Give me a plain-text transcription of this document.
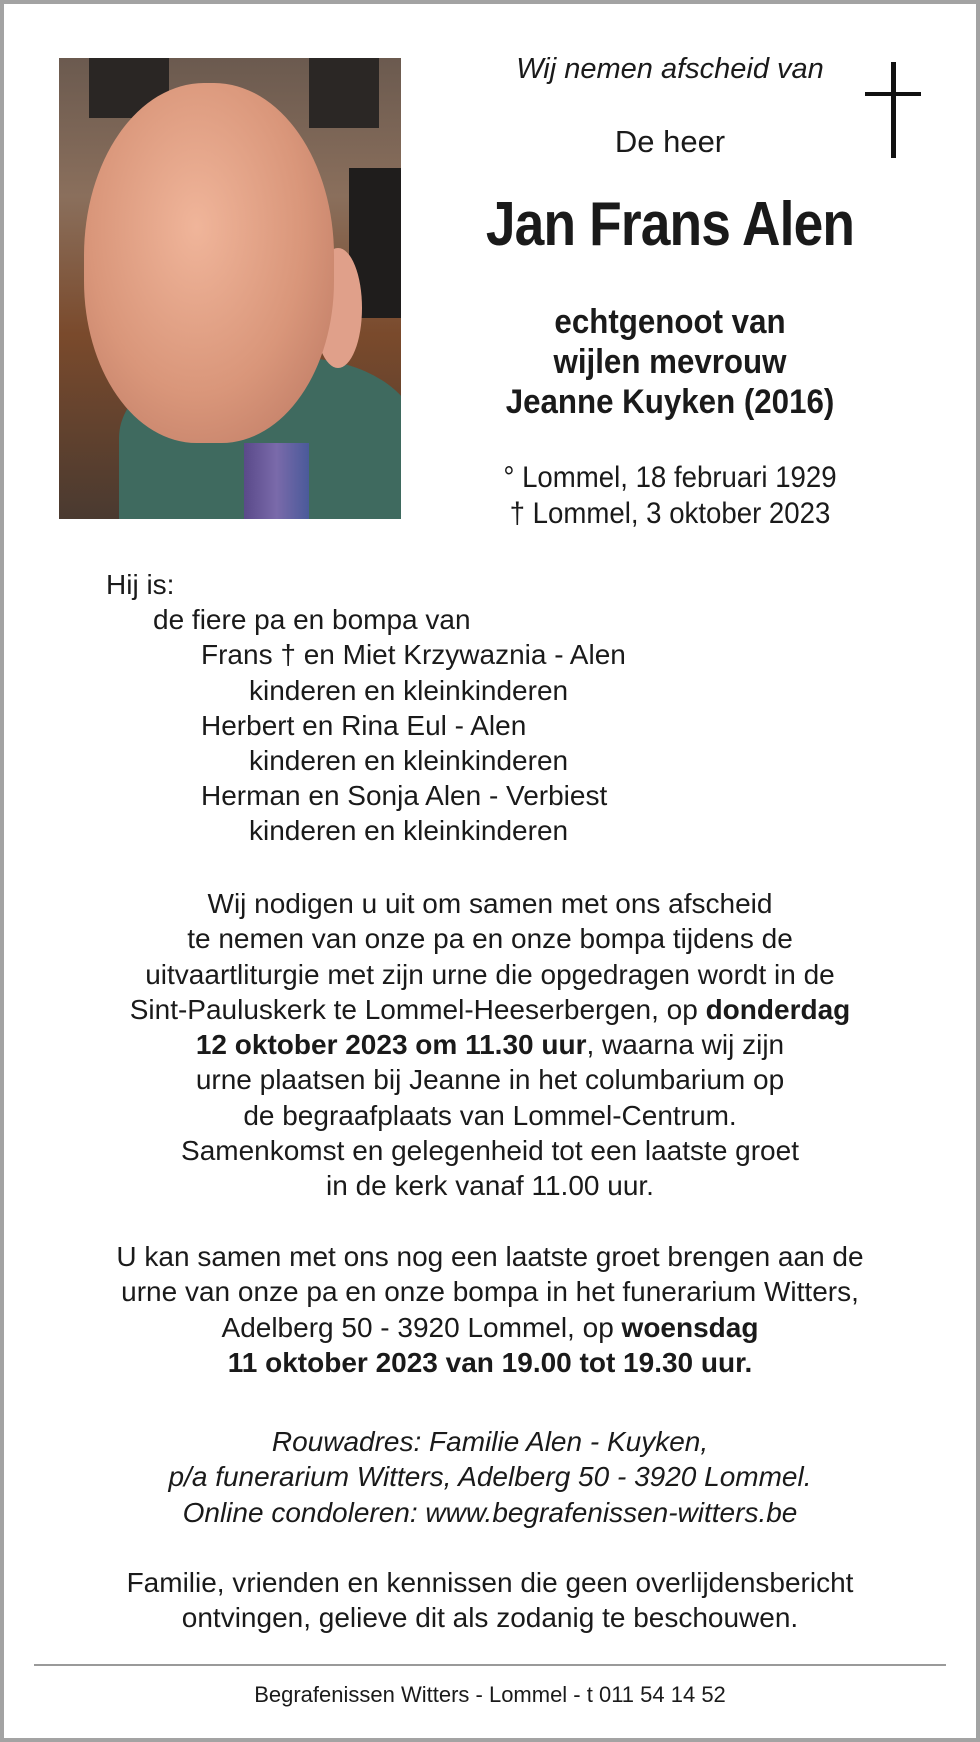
Wij nemen afscheid van
De heer
Jan Frans Alen
echtgenoot van
wijlen mevrouw
Jeanne Kuyken (2016)
° Lommel, 18 februari 1929
† Lommel, 3 oktober 2023
Hij is:
de fiere pa en bompa van
Frans † en Miet Krzywaznia - Alen
kinderen en kleinkinderen
Herbert en Rina Eul - Alen
kinderen en kleinkinderen
Herman en Sonja Alen - Verbiest
kinderen en kleinkinderen
Wij nodigen u uit om samen met ons afscheid
te nemen van onze pa en onze bompa tijdens de
uitvaartliturgie met zijn urne die opgedragen wordt in de
Sint-Pauluskerk te Lommel-Heeserbergen, op donderdag
12 oktober 2023 om 11.30 uur, waarna wij zijn
urne plaatsen bij Jeanne in het columbarium op
de begraafplaats van Lommel-Centrum.
Samenkomst en gelegenheid tot een laatste groet
in de kerk vanaf 11.00 uur.
U kan samen met ons nog een laatste groet brengen aan de
urne van onze pa en onze bompa in het funerarium Witters,
Adelberg 50 - 3920 Lommel, op woensdag
11 oktober 2023 van 19.00 tot 19.30 uur.
Rouwadres: Familie Alen - Kuyken,
p/a funerarium Witters, Adelberg 50 - 3920 Lommel.
Online condoleren: www.begrafenissen-witters.be
Familie, vrienden en kennissen die geen overlijdensbericht
ontvingen, gelieve dit als zodanig te beschouwen.
Begrafenissen Witters - Lommel - t 011 54 14 52
